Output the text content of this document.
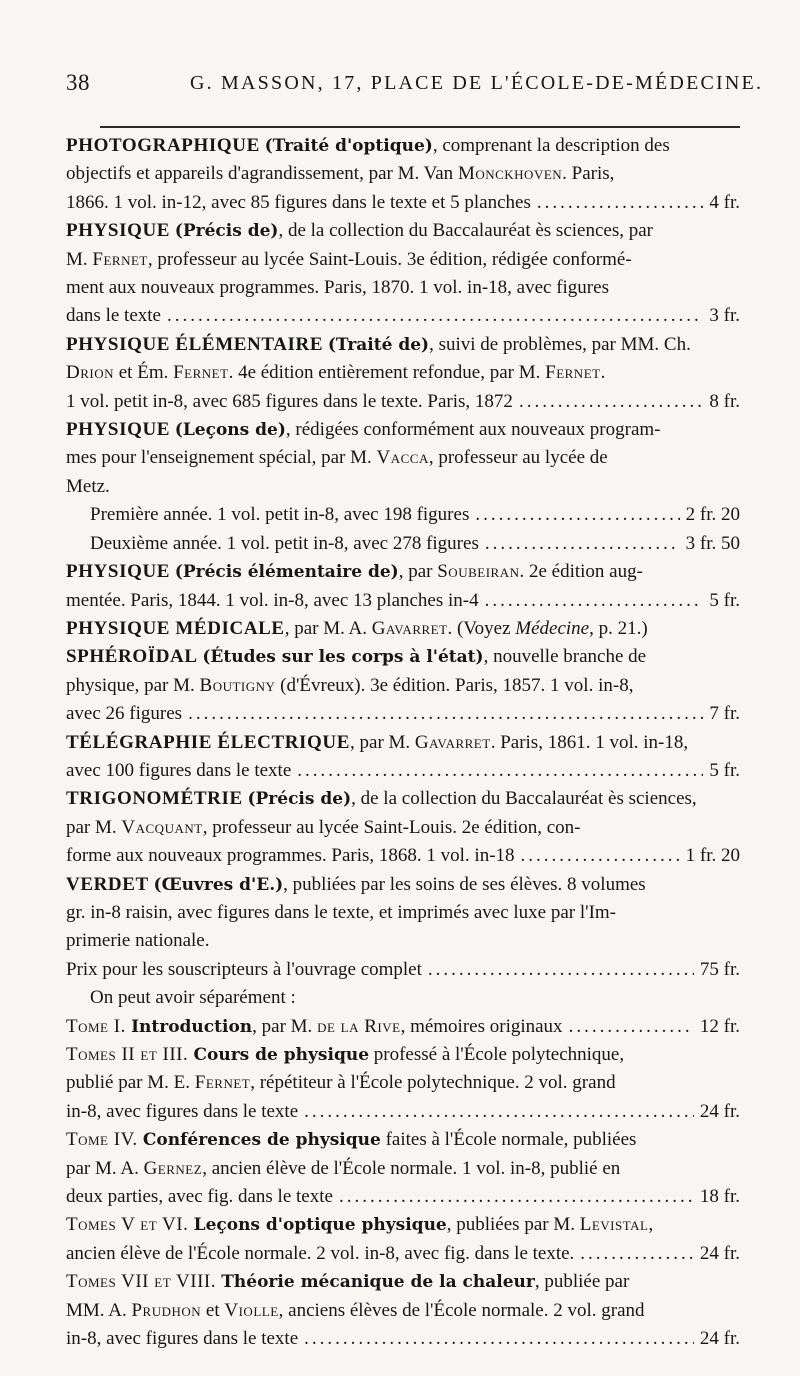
38	G. MASSON, 17, PLACE DE L'ÉCOLE-DE-MÉDECINE.
PHOTOGRAPHIQUE (Traité d'optique), comprenant la description des
objectifs et appareils d'agrandissement, par M. Van Monckhoven. Paris,
1866. 1 vol. in-12, avec 85 figures dans le texte et 5 planches .....	4 fr.
PHYSIQUE (Précis de), de la collection du Baccalauréat ès sciences, par
M. Fernet, professeur au lycée Saint-Louis. 3e édition, rédigée conformé-
ment aux nouveaux programmes. Paris, 1870. 1 vol. in-18, avec figures
dans le texte .....	3 fr.
PHYSIQUE ÉLÉMENTAIRE (Traité de), suivi de problèmes, par MM. Ch.
Drion et Ém. Fernet. 4e édition entièrement refondue, par M. Fernet.
1 vol. petit in-8, avec 685 figures dans le texte. Paris, 1872 .....	8 fr.
PHYSIQUE (Leçons de), rédigées conformément aux nouveaux program-
mes pour l'enseignement spécial, par M. Vacca, professeur au lycée de
Metz.
Première année. 1 vol. petit in-8, avec 198 figures .....	2 fr. 20
Deuxième année. 1 vol. petit in-8, avec 278 figures .....	3 fr. 50
PHYSIQUE (Précis élémentaire de), par Soubeiran. 2e édition aug-
mentée. Paris, 1844. 1 vol. in-8, avec 13 planches in-4 .....	5 fr.
PHYSIQUE MÉDICALE, par M. A. Gavarret. (Voyez Médecine, p. 21.)
SPHÉROÏDAL (Études sur les corps à l'état), nouvelle branche de
physique, par M. Boutigny (d'Évreux). 3e édition. Paris, 1857. 1 vol. in-8,
avec 26 figures .....	7 fr.
TÉLÉGRAPHIE ÉLECTRIQUE, par M. Gavarret. Paris, 1861. 1 vol. in-18,
avec 100 figures dans le texte .....	5 fr.
TRIGONOMÉTRIE (Précis de), de la collection du Baccalauréat ès sciences,
par M. Vacquant, professeur au lycée Saint-Louis. 2e édition, con-
forme aux nouveaux programmes. Paris, 1868. 1 vol. in-18 .....	1 fr. 20
VERDET (Œuvres d'E.), publiées par les soins de ses élèves. 8 volumes
gr. in-8 raisin, avec figures dans le texte, et imprimés avec luxe par l'Im-
primerie nationale.
Prix pour les souscripteurs à l'ouvrage complet .....	75 fr.
On peut avoir séparément :
Tome I. Introduction, par M. de la Rive, mémoires originaux .....	12 fr.
Tomes II et III. Cours de physique professé à l'École polytechnique,
publié par M. E. Fernet, répétiteur à l'École polytechnique. 2 vol. grand
in-8, avec figures dans le texte .....	24 fr.
Tome IV. Conférences de physique faites à l'École normale, publiées
par M. A. Gernez, ancien élève de l'École normale. 1 vol. in-8, publié en
deux parties, avec fig. dans le texte .....	18 fr.
Tomes V et VI. Leçons d'optique physique, publiées par M. Levistal,
ancien élève de l'École normale. 2 vol. in-8, avec fig. dans le texte. .....	24 fr.
Tomes VII et VIII. Théorie mécanique de la chaleur, publiée par
MM. A. Prudhon et Violle, anciens élèves de l'École normale. 2 vol. grand
in-8, avec figures dans le texte .....	24 fr.
